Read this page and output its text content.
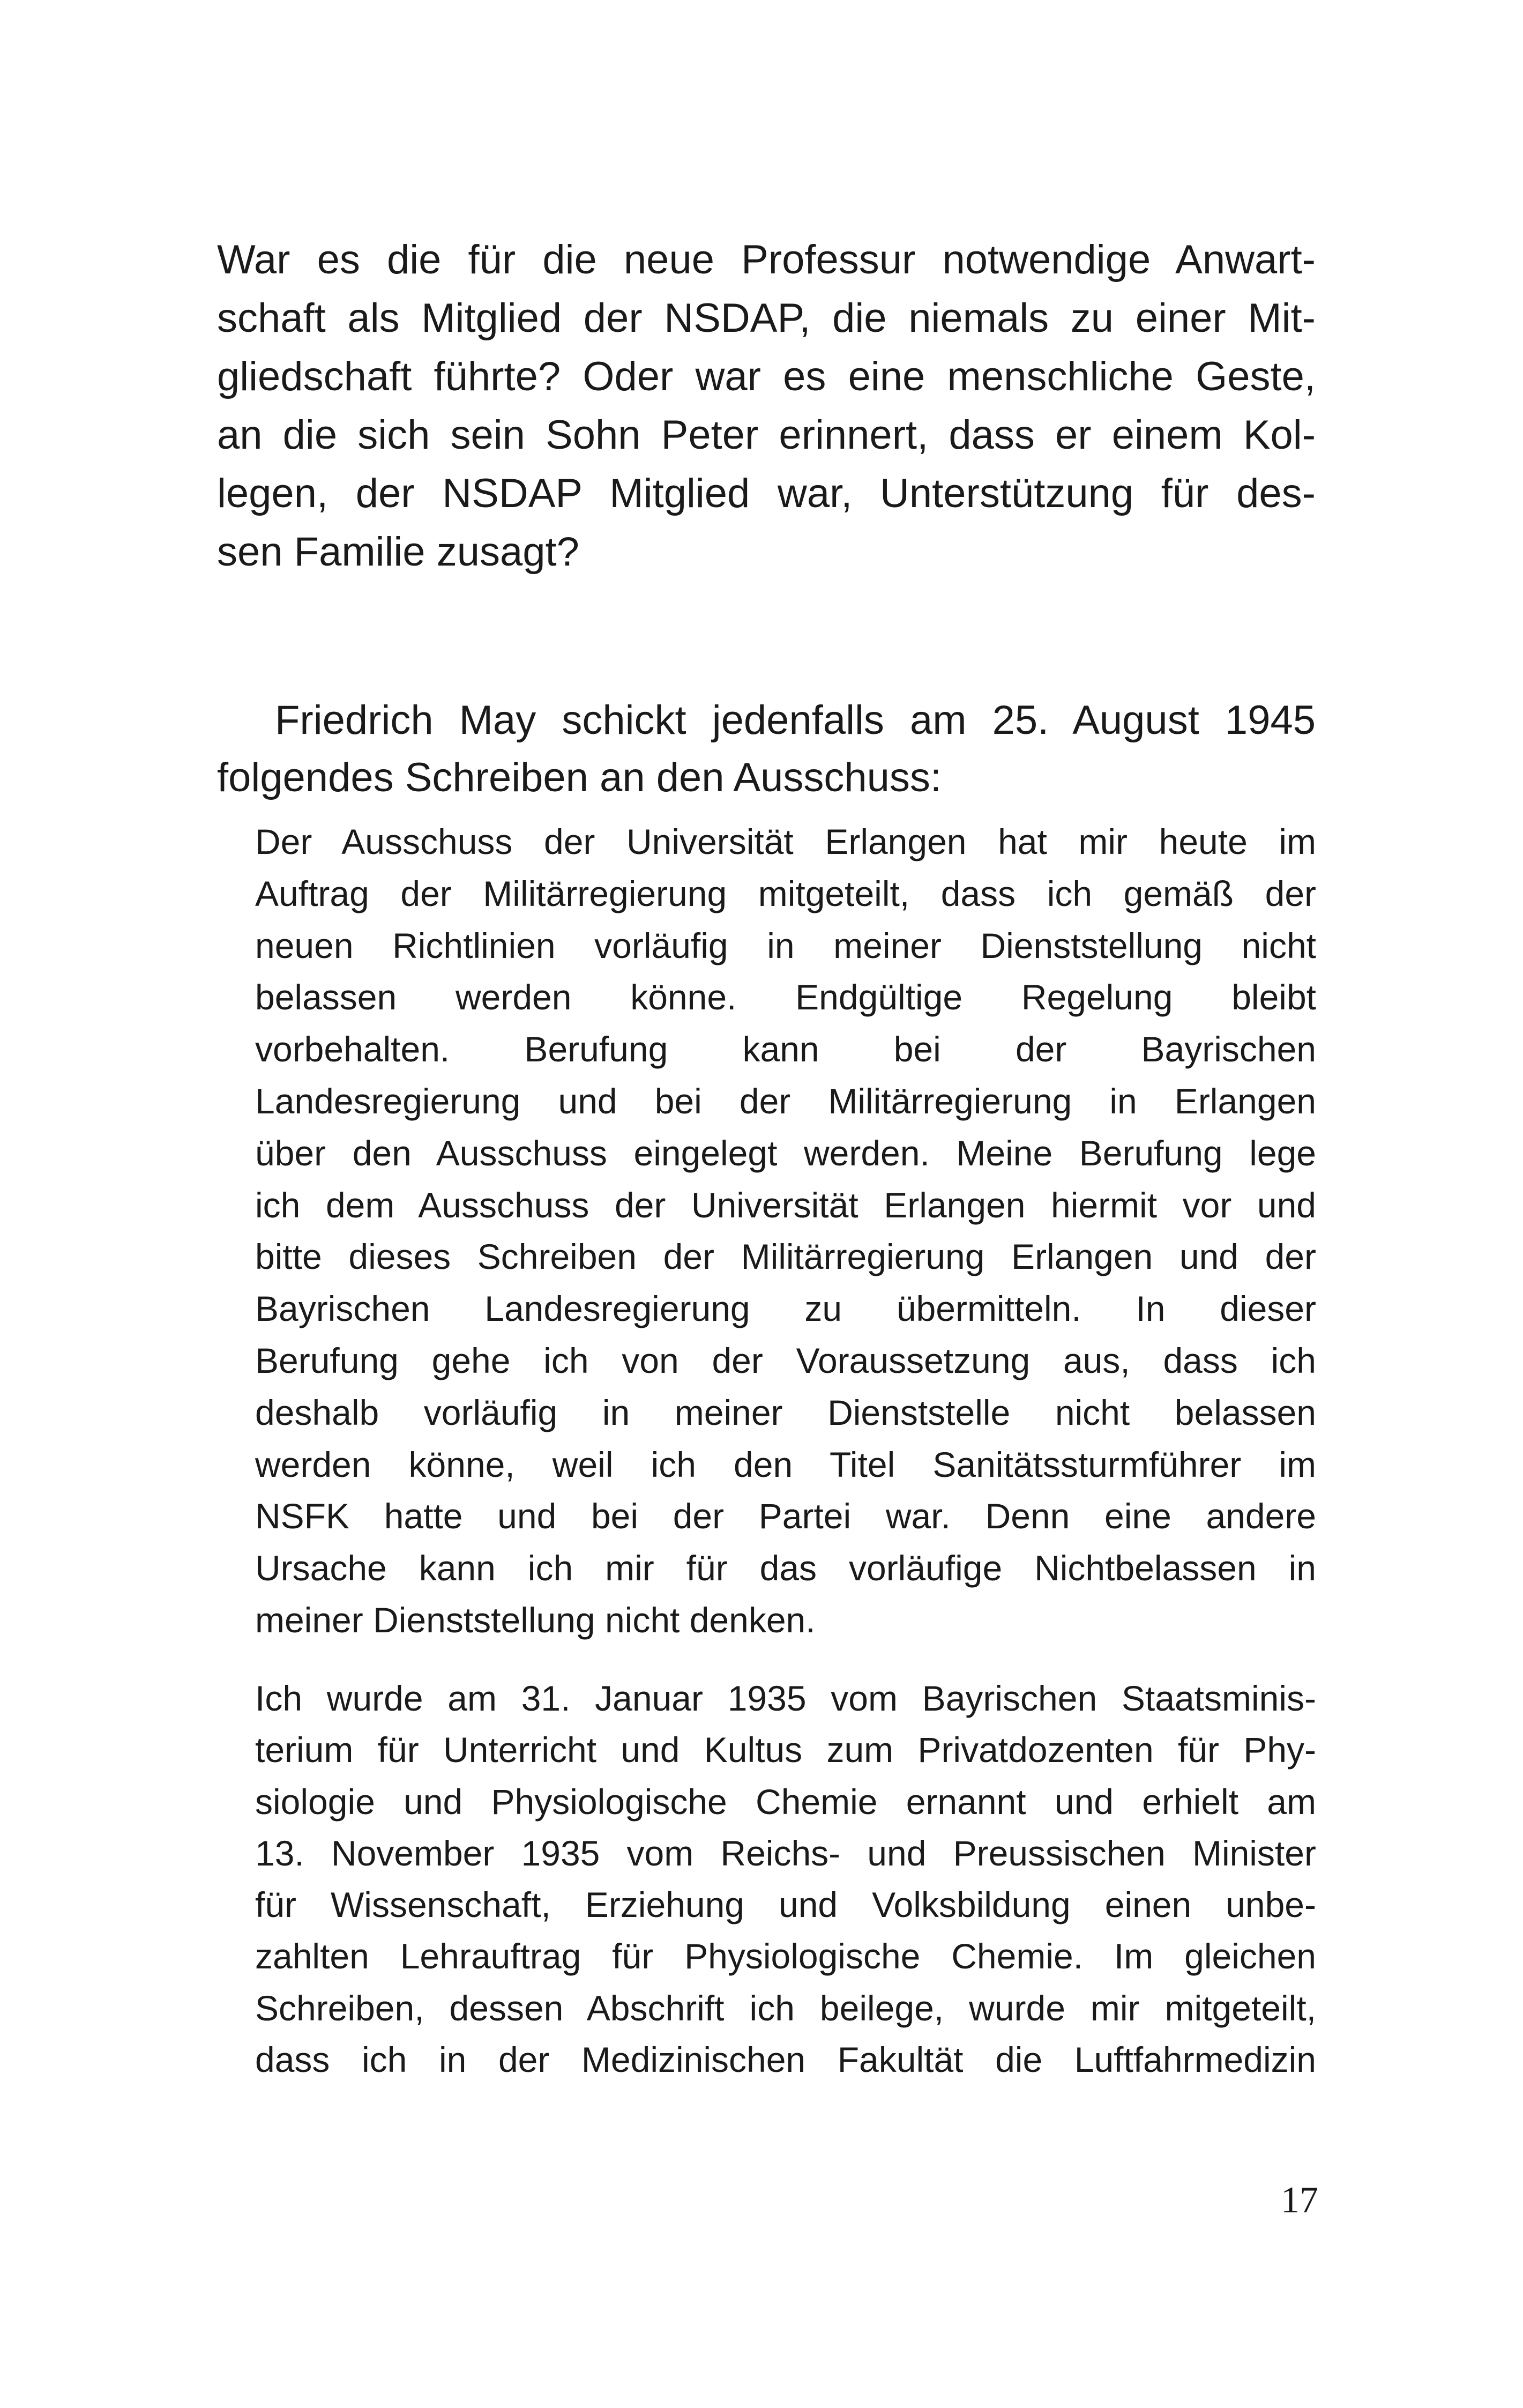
War es die für die neue Professur notwendige Anwart-
schaft als Mitglied der NSDAP, die niemals zu einer Mit-
gliedschaft führte? Oder war es eine menschliche Geste,
an die sich sein Sohn Peter erinnert, dass er einem Kol-
legen, der NSDAP Mitglied war, Unterstützung für des-
sen Familie zusagt?
Friedrich May schickt jedenfalls am 25. August 1945
folgendes Schreiben an den Ausschuss:
Der Ausschuss der Universität Erlangen hat mir heute im
Auftrag der Militärregierung mitgeteilt, dass ich gemäß der
neuen Richtlinien vorläufig in meiner Dienststellung nicht
belassen werden könne. Endgültige Regelung bleibt
vorbehalten. Berufung kann bei der Bayrischen
Landesregierung und bei der Militärregierung in Erlangen
über den Ausschuss eingelegt werden. Meine Berufung lege
ich dem Ausschuss der Universität Erlangen hiermit vor und
bitte dieses Schreiben der Militärregierung Erlangen und der
Bayrischen Landesregierung zu übermitteln. In dieser
Berufung gehe ich von der Voraussetzung aus, dass ich
deshalb vorläufig in meiner Dienststelle nicht belassen
werden könne, weil ich den Titel Sanitätssturmführer im
NSFK hatte und bei der Partei war. Denn eine andere
Ursache kann ich mir für das vorläufige Nichtbelassen in
meiner Dienststellung nicht denken.
Ich wurde am 31. Januar 1935 vom Bayrischen Staatsminis-
terium für Unterricht und Kultus zum Privatdozenten für Phy-
siologie und Physiologische Chemie ernannt und erhielt am
13. November 1935 vom Reichs- und Preussischen Minister
für Wissenschaft, Erziehung und Volksbildung einen unbe-
zahlten Lehrauftrag für Physiologische Chemie. Im gleichen
Schreiben, dessen Abschrift ich beilege, wurde mir mitgeteilt,
dass ich in der Medizinischen Fakultät die Luftfahrmedizin
17
